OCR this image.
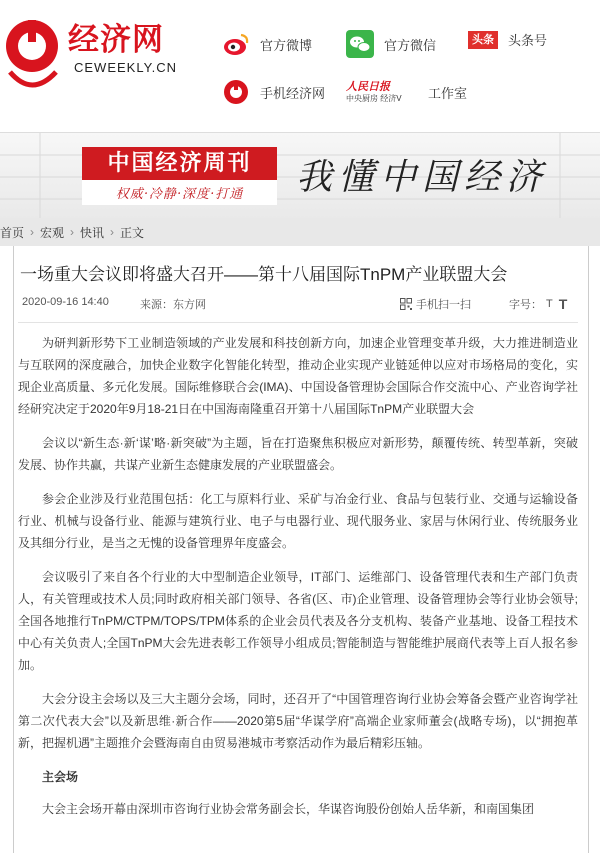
经济网
CEWEEKLY.CN
官方微博	官方微信	头条	头条号
手机经济网 人民日报
中央厨房 经济V 工作室
中国经济周刊
权威·冷静·深度·打通	我懂中国经济
首页 › 宏观 › 快讯 › 正文
一场重大会议即将盛大召开——第十八届国际TnPM产业联盟大会
2020-09-16 14:40	来源：东方网	手机扫一扫	字号： T T

为研判新形势下工业制造领域的产业发展和科技创新方向，加速企业管理变革升级，大力推进制造业与互联网的深度融合，加快企业数字化智能化转型，推动企业实现产业链延伸以应对市场格局的变化，实现企业高质量、多元化发展。国际维修联合会(IMA)、中国设备管理协会国际合作交流中心、产业咨询学社经研究决定于2020年9月18-21日在中国海南隆重召开第十八届国际TnPM产业联盟大会

会议以“新生态·新‘谋’略·新突破”为主题，旨在打造聚焦积极应对新形势，颠覆传统、转型革新，突破发展、协作共赢，共谋产业新生态健康发展的产业联盟盛会。

参会企业涉及行业范围包括：化工与原料行业、采矿与冶金行业、食品与包装行业、交通与运输设备行业、机械与设备行业、能源与建筑行业、电子与电器行业、现代服务业、家居与休闲行业、传统服务业及其细分行业，是当之无愧的设备管理界年度盛会。

会议吸引了来自各个行业的大中型制造企业领导，IT部门、运维部门、设备管理代表和生产部门负责人，有关管理或技术人员;同时政府相关部门领导、各省(区、市)企业管理、设备管理协会等行业协会领导;全国各地推行TnPM/CTPM/TOPS/TPM体系的企业会员代表及各分支机构、装备产业基地、设备工程技术中心有关负责人;全国TnPM大会先进表彰工作领导小组成员;智能制造与智能维护展商代表等上百人报名参加。

大会分设主会场以及三大主题分会场，同时，还召开了“中国管理咨询行业协会筹备会暨产业咨询学社第二次代表大会”以及新思维·新合作——2020第5届“华谋学府”高端企业家师董会(战略专场)，以“拥抱革新，把握机遇”主题推介会暨海南自由贸易港城市考察活动作为最后精彩压轴。

主会场

大会主会场开幕由深圳市咨询行业协会常务副会长，华谋咨询股份创始人岳华新，和南国集团
